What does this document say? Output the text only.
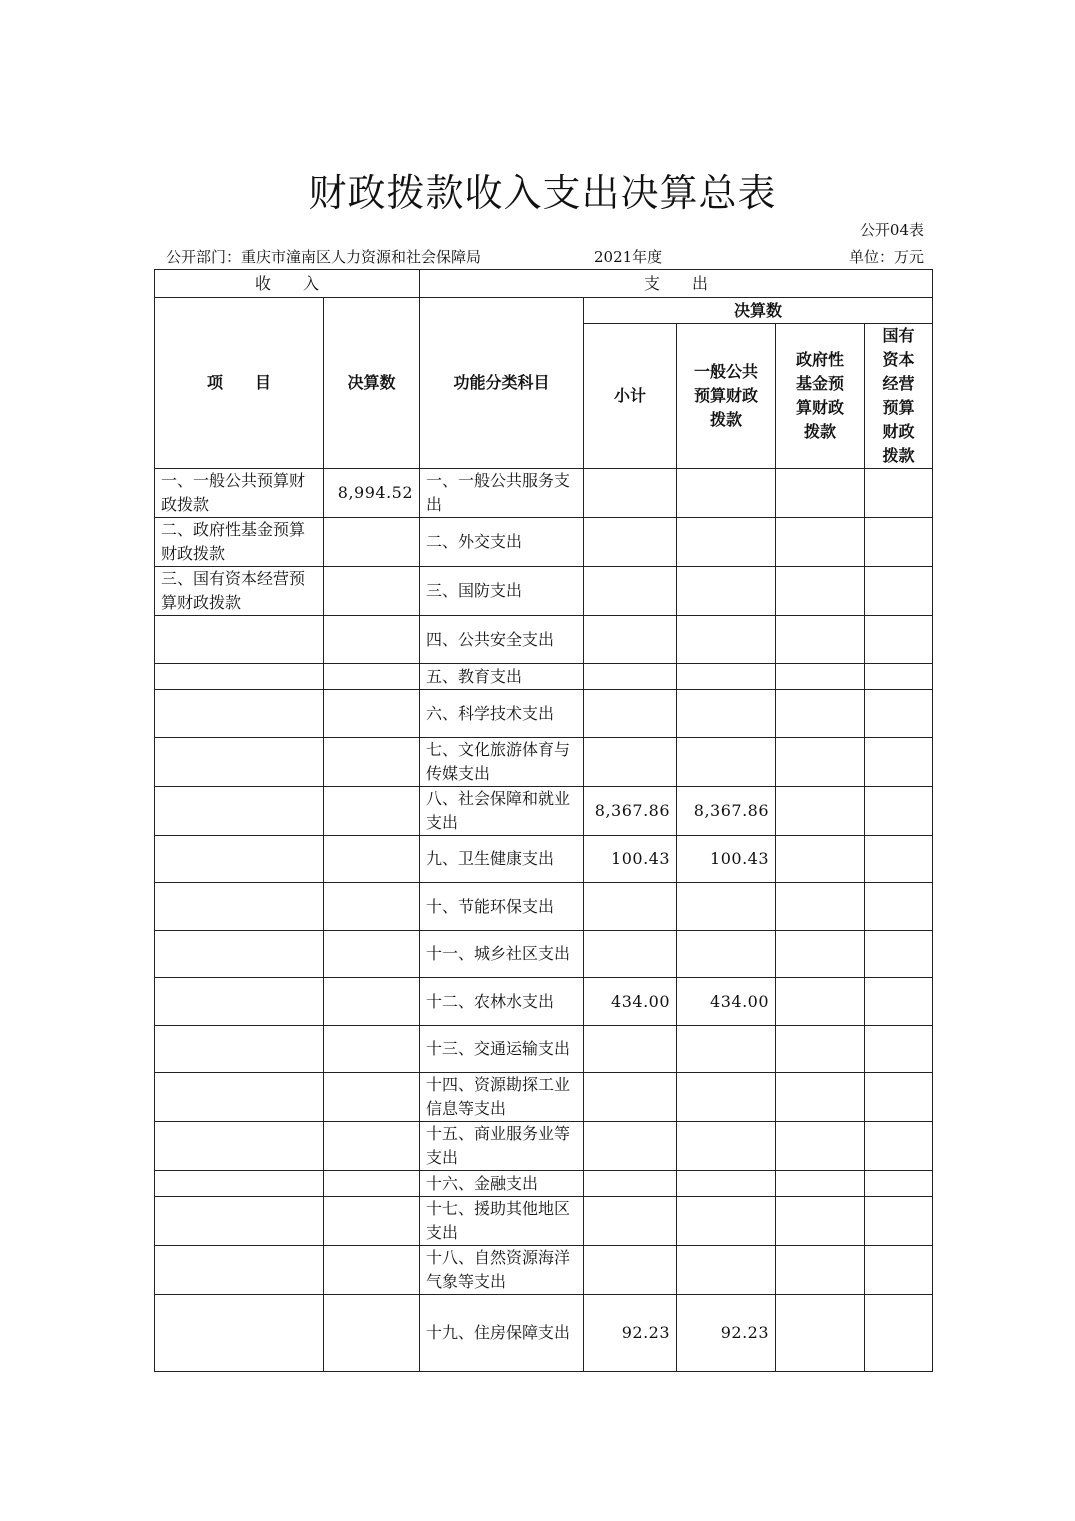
财政拨款收入支出决算总表
公开04表
公开部门：重庆市潼南区人力资源和社会保障局	2021年度	单位：万元
收　　入		支　　出				
项　　目	决算数	功能分类科目	决算数			
			小计	一般公共预算财政拨款	政府性基金预算财政拨款	国有资本经营预算财政拨款
一、一般公共预算财政拨款	8,994.52	一、一般公共服务支出				
二、政府性基金预算财政拨款		二、外交支出				
三、国有资本经营预算财政拨款		三、国防支出				
		四、公共安全支出				
		五、教育支出				
		六、科学技术支出				
		七、文化旅游体育与传媒支出				
		八、社会保障和就业支出	8,367.86	8,367.86		
		九、卫生健康支出	100.43	100.43		
		十、节能环保支出				
		十一、城乡社区支出				
		十二、农林水支出	434.00	434.00		
		十三、交通运输支出				
		十四、资源勘探工业信息等支出				
		十五、商业服务业等支出				
		十六、金融支出				
		十七、援助其他地区支出				
		十八、自然资源海洋气象等支出				
		十九、住房保障支出	92.23	92.23		
